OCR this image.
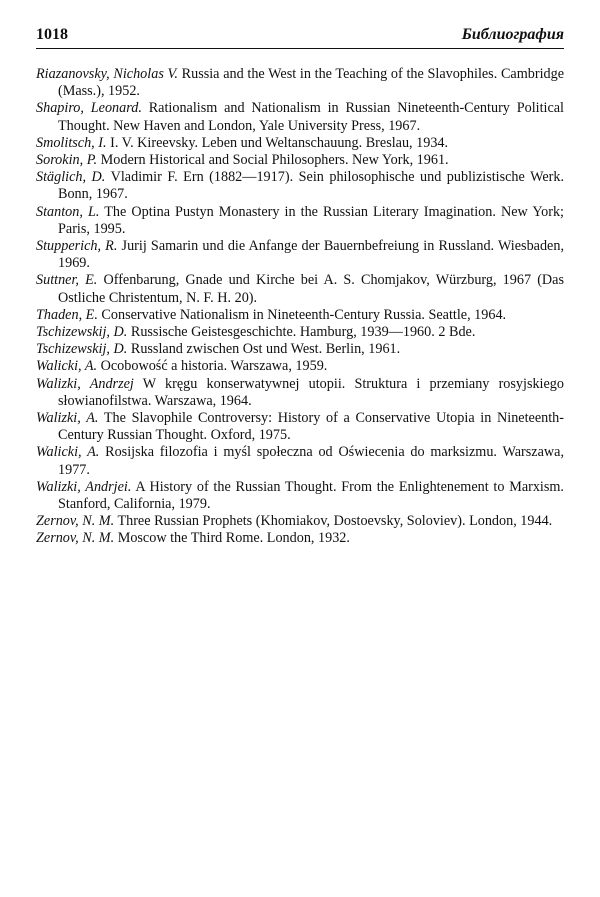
1018	Библиография
Riazanovsky, Nicholas V. Russia and the West in the Teaching of the Slavophiles. Cambridge (Mass.), 1952.
Shapiro, Leonard. Rationalism and Nationalism in Russian Nineteenth-Century Political Thought. New Haven and London, Yale University Press, 1967.
Smolitsch, I. I. V. Kireevsky. Leben und Weltanschauung. Breslau, 1934.
Sorokin, P. Modern Historical and Social Philosophers. New York, 1961.
Stäglich, D. Vladimir F. Ern (1882—1917). Sein philosophische und publizistische Werk. Bonn, 1967.
Stanton, L. The Optina Pustyn Monastery in the Russian Literary Imagination. New York; Paris, 1995.
Stupperich, R. Jurij Samarin und die Anfange der Bauernbefreiung in Russland. Wiesbaden, 1969.
Suttner, E. Offenbarung, Gnade und Kirche bei A. S. Chomjakov, Würzburg, 1967 (Das Ostliche Christentum, N. F. H. 20).
Thaden, E. Conservative Nationalism in Nineteenth-Century Russia. Seattle, 1964.
Tschizewskij, D. Russische Geistesgeschichte. Hamburg, 1939—1960. 2 Bde.
Tschizewskij, D. Russland zwischen Ost und West. Berlin, 1961.
Walicki, A. Ocobowość a historia. Warszawa, 1959.
Walizki, Andrzej W kręgu konserwatywnej utopii. Struktura i przemiany rosyjskiego słowianofilstwa. Warszawa, 1964.
Walizki, A. The Slavophile Controversy: History of a Conservative Utopia in Nineteenth-Century Russian Thought. Oxford, 1975.
Walicki, A. Rosijska filozofia i myśl społeczna od Oświecenia do marksizmu. Warszawa, 1977.
Walizki, Andrjei. A History of the Russian Thought. From the Enlightenement to Marxism. Stanford, California, 1979.
Zernov, N. M. Three Russian Prophets (Khomiakov, Dostoevsky, Soloviev). London, 1944.
Zernov, N. M. Moscow the Third Rome. London, 1932.
